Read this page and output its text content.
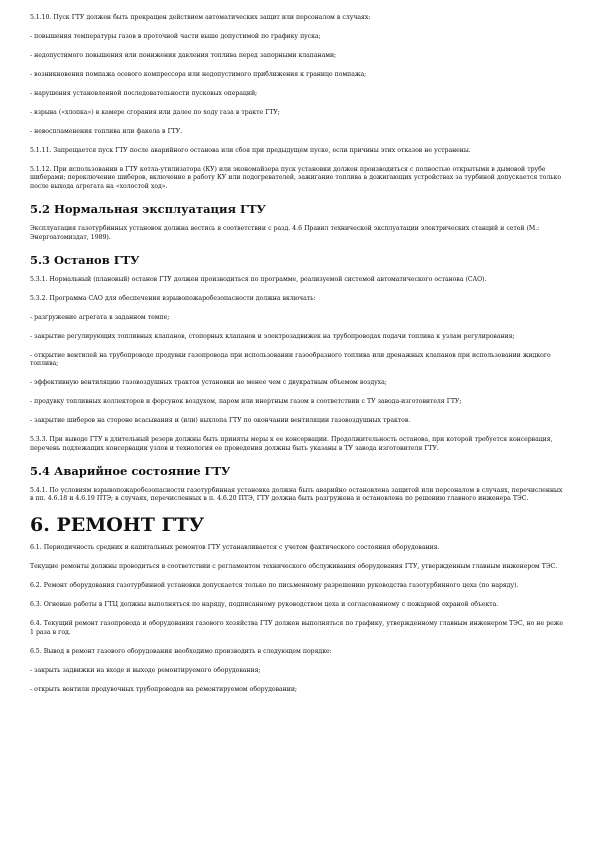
5.1.10. Пуск ГТУ должен быть прекращен действием автоматических защит или персоналом в случаях:

- повышения температуры газов в проточной части выше допустимой по графику пуска;

- недопустимого повышения или понижения давления топлива перед запорными клапанами;

- возникновения помпажа осевого компрессора или недопустимого приближения к границе помпажа;

- нарушения установленной последовательности пусковых операций;

- взрыва («хлопка») в камере сгорания или далее по ходу газа в тракте ГТУ;

- невоспламенения топлива или факела в ГТУ.

5.1.11. Запрещается пуск ГТУ после аварийного останова или сбоя при предыдущем пуске, если причины этих отказов не устранены.

5.1.12. При использовании в ГТУ котла-утилизатора (КУ) или экономайзера пуск установки должен производиться с полностью открытыми в дымовой трубе шиберами; переключение шиберов, включение в работу КУ или подогревателей, зажигание топлива в дожигающих устройствах за турбиной допускается только после выхода агрегата на «холостой ход».

5.2 Нормальная эксплуатация ГТУ

Эксплуатация газотурбинных установок должна вестись в соответствии с разд. 4.6 Правил технической эксплуатации электрических станций и сетей (М.: Энергоатомиздат, 1989).

5.3 Останов ГТУ

5.3.1. Нормальный (плановый) останов ГТУ должен производиться по программе, реализуемой системой автоматического останова (САО).

5.3.2. Программа САО для обеспечения взрывопожаробезопасности должна включать:

- разгружение агрегата в заданном темпе;

- закрытие регулирующих топливных клапанов, стопорных клапанов и электрозадвижек на трубопроводах подачи топлива к узлам регулирования;

- открытие вентилей на трубопроводе продувки газопровода при использовании газообразного топлива или дренажных клапанов при использовании жидкого топлива;

- эффективную вентиляцию газовоздушных трактов установки не менее чем с двукратным объемом воздуха;

- продувку топливных коллекторов и форсунок воздухом, паром или инертным газом в соответствии с ТУ завода-изготовителя ГТУ;

- закрытие шиберов на стороне всасывания и (или) выхлопа ГТУ по окончании вентиляции газовоздушных трактов.

5.3.3. При выводе ГТУ в длительный резерв должны быть приняты меры к ее консервации. Продолжительность останова, при которой требуется консервация, перечень подлежащих консервации узлов и технология ее проведения должны быть указаны в ТУ завода изготовителя ГТУ.

5.4 Аварийное состояние ГТУ

5.4.1. По условиям взрывопожаробезопасности газотурбинная установка должна быть аварийно остановлена защитой или персоналом в случаях, перечисленных в пп. 4.6.18 и 4.6.19 ПТЭ; в случаях, перечисленных в п. 4.6.20 ПТЭ, ГТУ должна быть разгружена и остановлена по решению главного инженера ТЭС.

6. РЕМОНТ ГТУ

6.1. Периодичность средних и капитальных ремонтов ГТУ устанавливается с учетом фактического состояния оборудования.

Текущие ремонты должны проводиться в соответствии с регламентом технического обслуживания оборудования ГТУ, утвержденным главным инженером ТЭС.

6.2. Ремонт оборудования газотурбинной установки допускается только по письменному разрешению руководства газотурбинного цеха (по наряду).

6.3. Огневые работы в ГТЦ должны выполняться по наряду, подписанному руководством цеха и согласованному с пожарной охраной объекта.

6.4. Текущий ремонт газопровода и оборудования газового хозяйства ГТУ должен выполняться по графику, утвержденному главным инженером ТЭС, но не реже 1 раза в год.

6.5. Вывод в ремонт газового оборудования необходимо производить в следующем порядке:

- закрыть задвижки на входе и выходе ремонтируемого оборудования;

- открыть вентили продувочных трубопроводов на ремонтируемом оборудовании;
